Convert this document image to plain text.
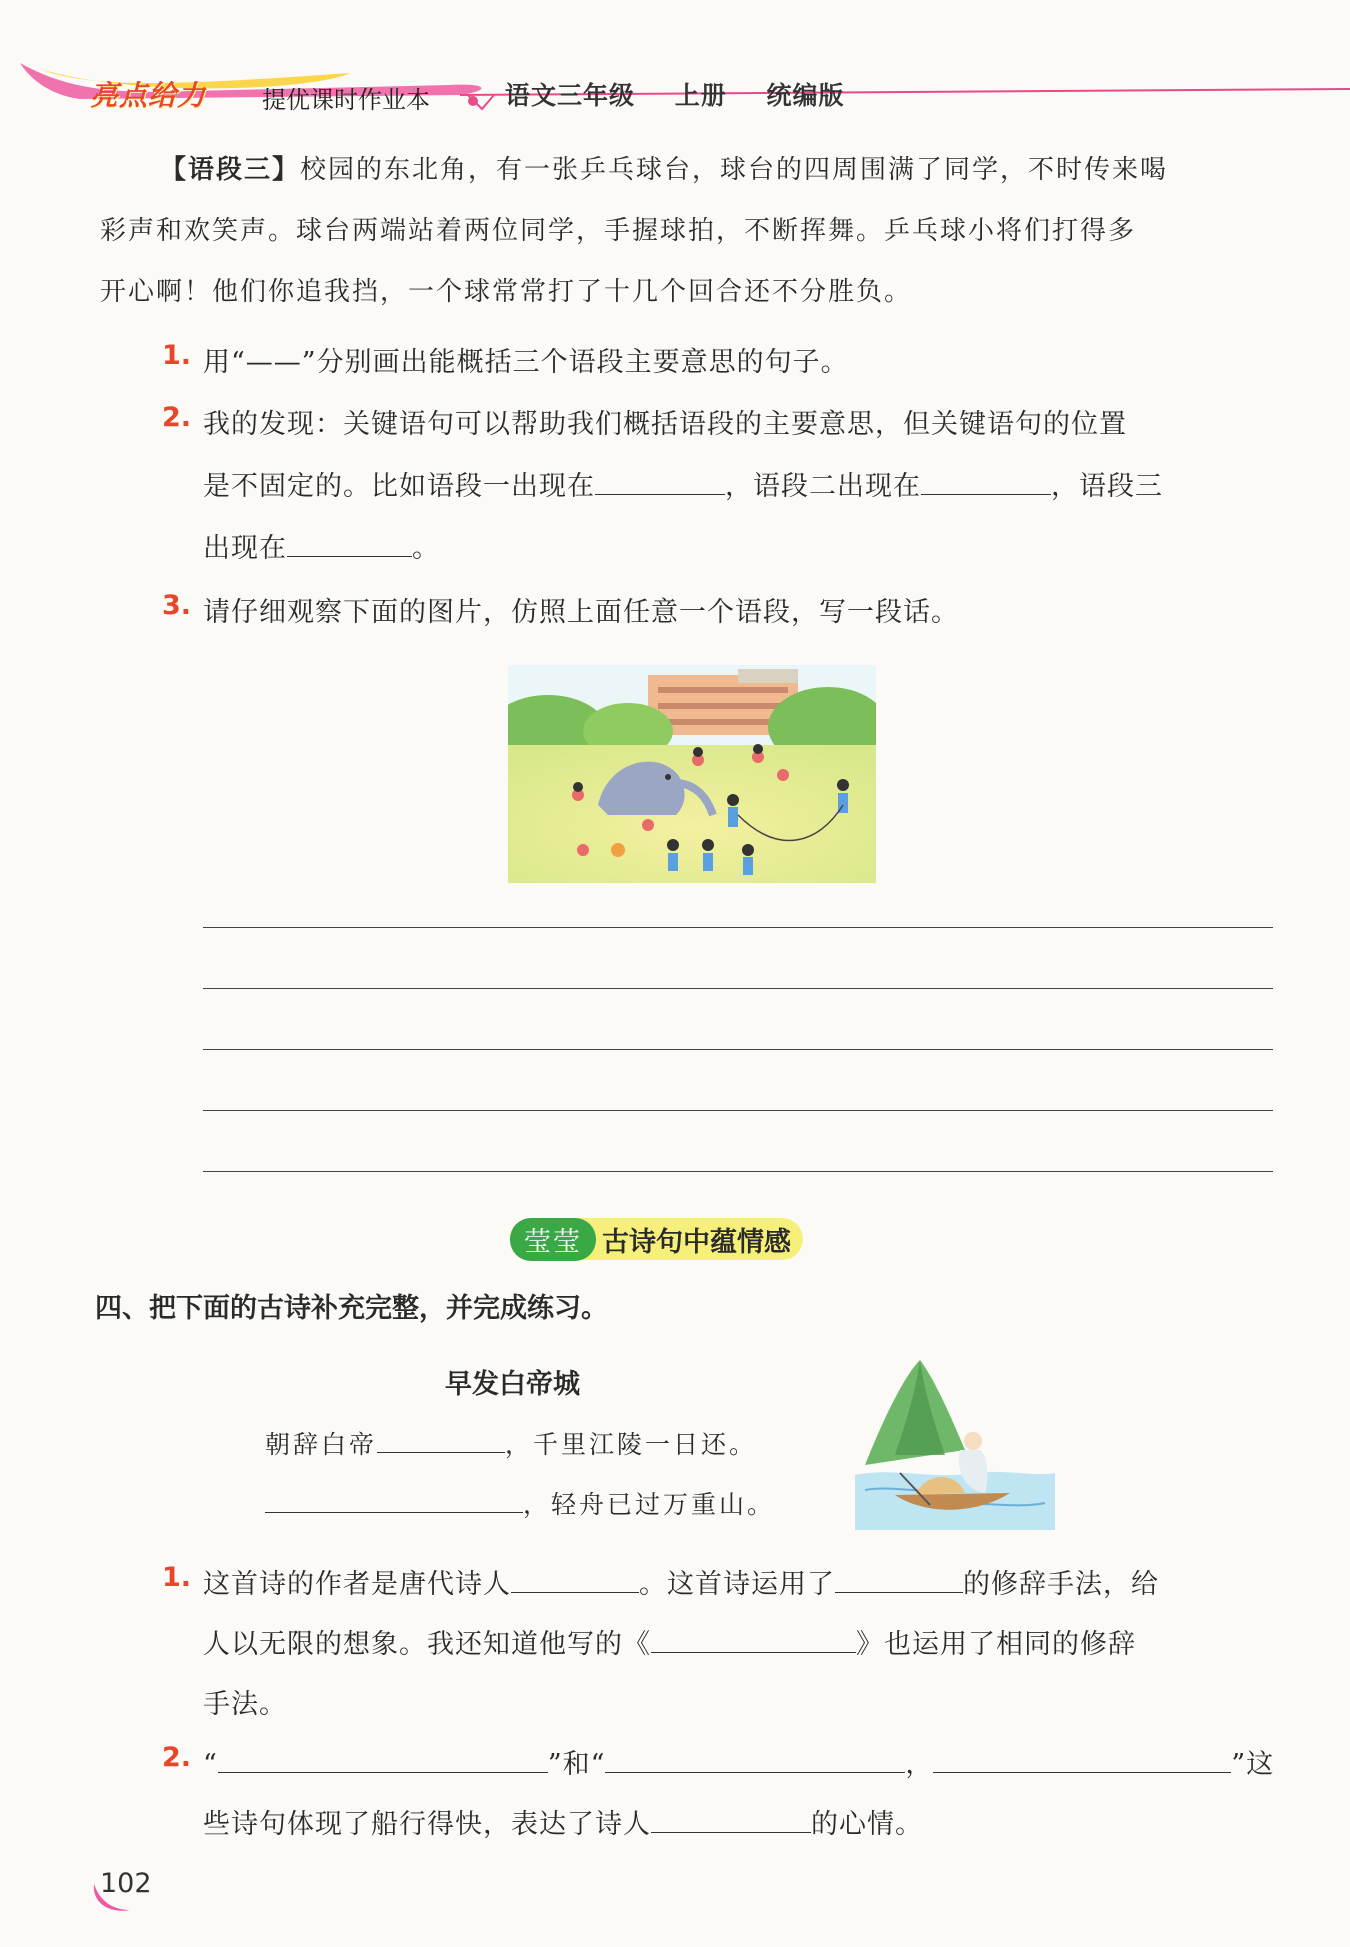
亮点给力 提优课时作业本	语文三年级 上册 统编版
【语段三】校园的东北角，有一张乒乓球台，球台的四周围满了同学，不时传来喝
彩声和欢笑声。球台两端站着两位同学，手握球拍，不断挥舞。乒乓球小将们打得多
开心啊！他们你追我挡，一个球常常打了十几个回合还不分胜负。
1. 用“——”分别画出能概括三个语段主要意思的句子。
2. 我的发现：关键语句可以帮助我们概括语段的主要意思，但关键语句的位置
是不固定的。比如语段一出现在	，语段二出现在	，语段三
出现在	。
3. 请仔细观察下面的图片，仿照上面任意一个语段，写一段话。
莹莹 古诗句中蕴情感
四、把下面的古诗补充完整，并完成练习。
早发白帝城
朝辞白帝	，千里江陵一日还。
，轻舟已过万重山。
1. 这首诗的作者是唐代诗人	。这首诗运用了	的修辞手法，给
人以无限的想象。我还知道他写的《	》也运用了相同的修辞
手法。
2. “	”和“	，	”这
些诗句体现了船行得快，表达了诗人	的心情。
102
